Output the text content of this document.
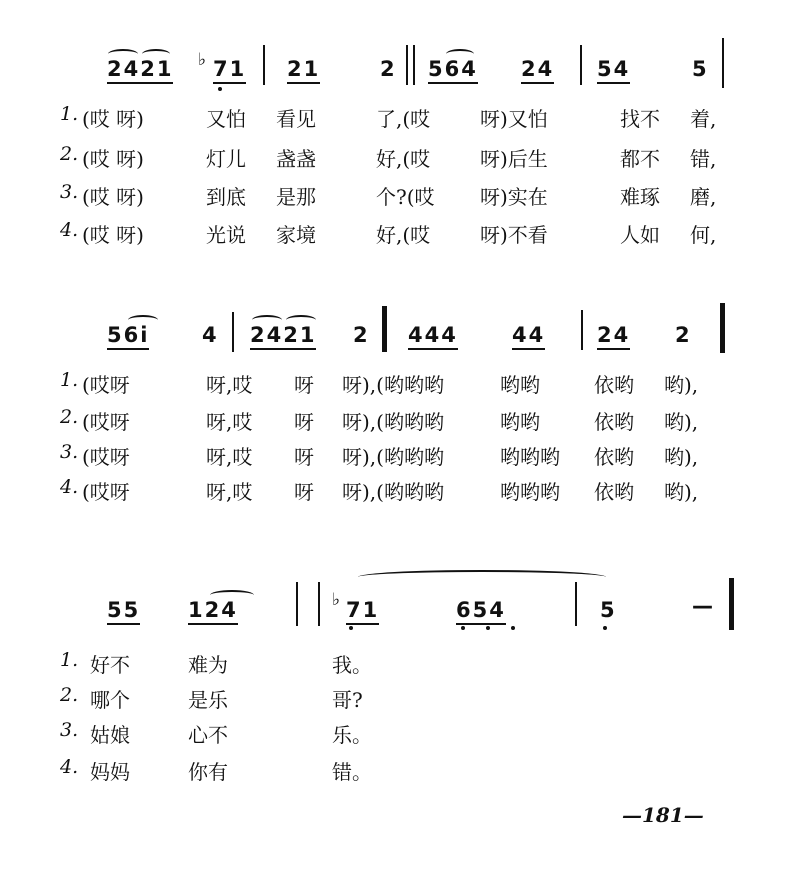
2421 ♭ 71 21	2 564 24 54	5
1. (哎 呀)	又怕 看见	了,(哎 呀)又怕	找不 着,
2. (哎 呀)	灯儿 盏盏	好,(哎 呀)后生	都不 错,
3. (哎 呀)	到底 是那	个?(哎 呀)实在	难琢 磨,
4. (哎 呀)	光说 家境	好,(哎 呀)不看	人如 何,
56i	4 2421 2 444	44 24 2
1. (哎呀	呀,哎 呀 呀),(哟哟哟	哟哟	依哟 哟),
2. (哎呀	呀,哎 呀 呀),(哟哟哟	哟哟	依哟 哟),
3. (哎呀	呀,哎 呀 呀),(哟哟哟	哟哟哟 依哟 哟),
4. (哎呀	呀,哎 呀 呀),(哟哟哟	哟哟哟 依哟 哟),
55 124	♭ 71	654	5	—
1. 好不	难为	我。
2. 哪个	是乐	哥?
3. 姑娘	心不	乐。
4. 妈妈	你有	错。
—181—
